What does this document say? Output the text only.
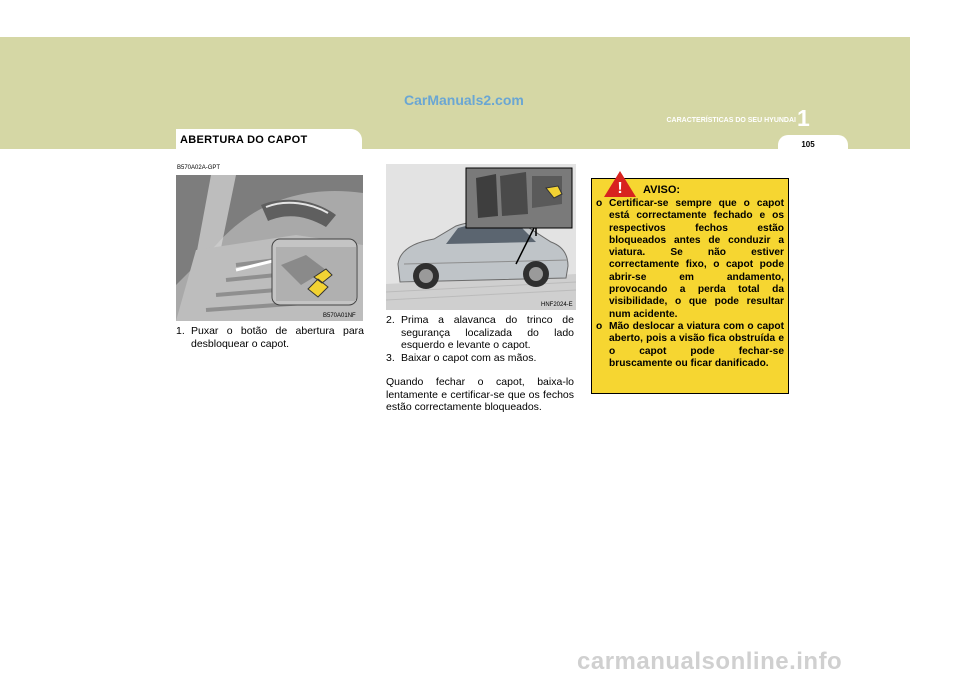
CarManuals2.com
1
CARACTERÍSTICAS DO SEU HYUNDAI
105
ABERTURA DO CAPOT
B570A02A-GPT
B570A01NF
HNF2024-E
1. Puxar o botão de abertura para desbloquear o capot.
2. Prima a alavanca do trinco de segurança localizada do lado esquerdo e levante o capot.
3. Baixar o capot com as mãos.
Quando fechar o capot, baixa-lo lentamente e certificar-se que os fechos estão correctamente bloqueados.
! AVISO:
o Certificar-se sempre que o capot está correctamente fechado e os respectivos fechos estão bloqueados antes de conduzir a viatura. Se não estiver correctamente fixo, o capot pode abrir-se em andamento, provocando a perda total da visibilidade, o que pode resultar num acidente.
o Mão deslocar a viatura com o capot aberto, pois a visão fica obstruída e o capot pode fechar-se bruscamente ou ficar danificado.
carmanualsonline.info
